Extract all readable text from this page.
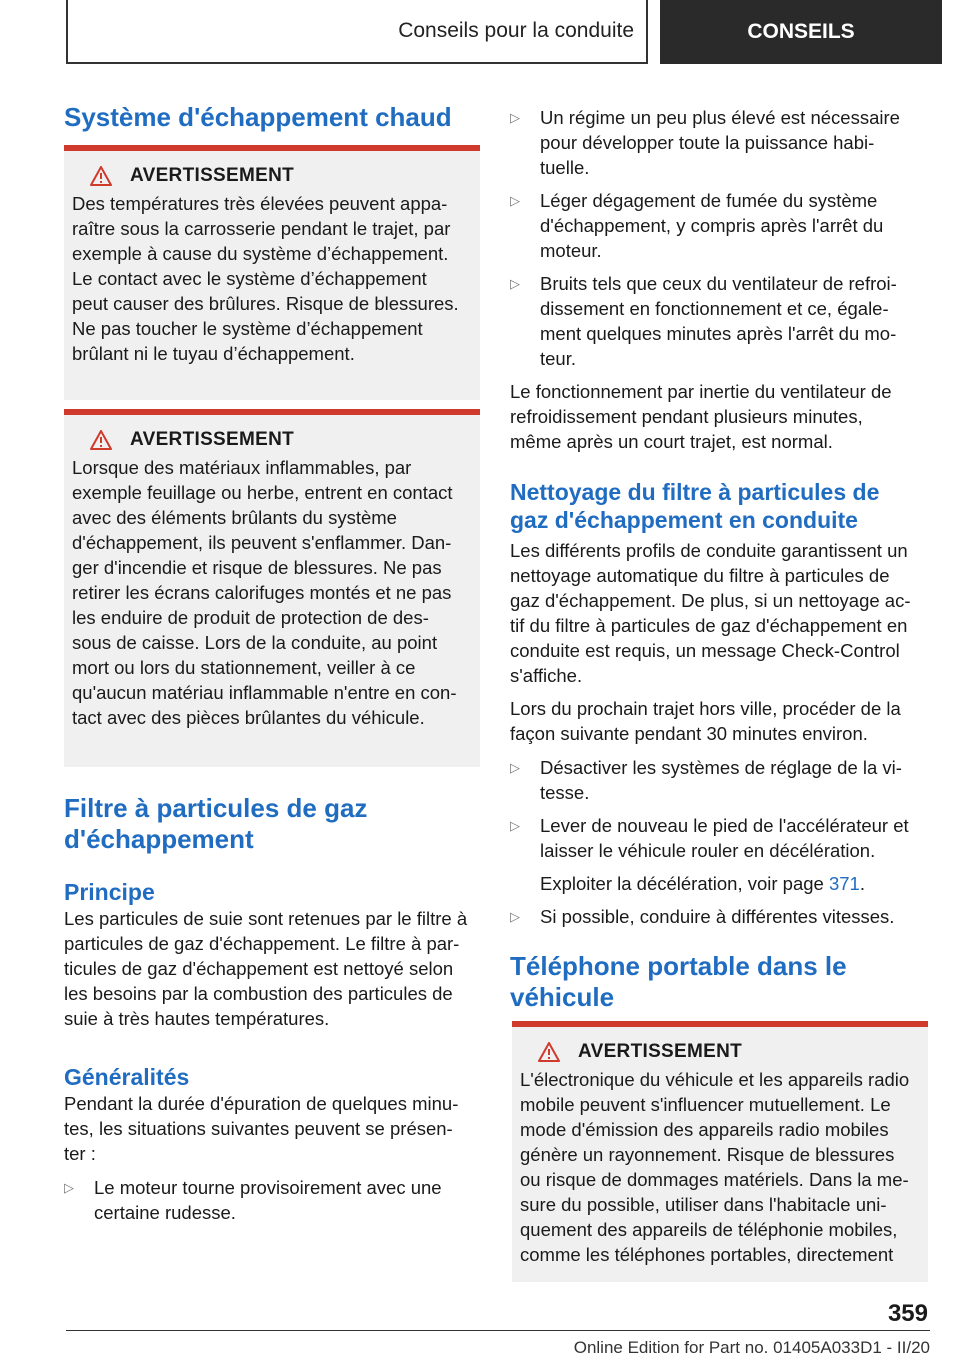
Conseils pour la conduite	CONSEILS
Système d'échappement chaud
AVERTISSEMENT

Des températures très élevées peuvent appa‐

raître sous la carrosserie pendant le trajet, par

exemple à cause du système d’échappement.

Le contact avec le système d’échappement

peut causer des brûlures. Risque de blessures.

Ne pas toucher le système d’échappement

brûlant ni le tuyau d’échappement.

AVERTISSEMENT

Lorsque des matériaux inflammables, par

exemple feuillage ou herbe, entrent en contact

avec des éléments brûlants du système

d'échappement, ils peuvent s'enflammer. Dan‐

ger d'incendie et risque de blessures. Ne pas

retirer les écrans calorifuges montés et ne pas

les enduire de produit de protection de des‐

sous de caisse. Lors de la conduite, au point

mort ou lors du stationnement, veiller à ce

qu'aucun matériau inflammable n'entre en con‐

tact avec des pièces brûlantes du véhicule.

Filtre à particules de gaz
d'échappement
Principe

Les particules de suie sont retenues par le filtre à

particules de gaz d'échappement. Le filtre à par‐

ticules de gaz d'échappement est nettoyé selon

les besoins par la combustion des particules de

suie à très hautes températures.

Généralités

Pendant la durée d'épuration de quelques minu‐

tes, les situations suivantes peuvent se présen‐

ter :

▷	Le moteur tourne provisoirement avec une
certaine rudesse.
▷	Un régime un peu plus élevé est nécessaire
pour développer toute la puissance habi‐
tuelle.
▷	Léger dégagement de fumée du système
d'échappement, y compris après l'arrêt du
moteur.
▷	Bruits tels que ceux du ventilateur de refroi‐
dissement en fonctionnement et ce, égale‐
ment quelques minutes après l'arrêt du mo‐
teur.

Le fonctionnement par inertie du ventilateur de

refroidissement pendant plusieurs minutes,

même après un court trajet, est normal.

Nettoyage du filtre à particules de
gaz d'échappement en conduite

Les différents profils de conduite garantissent un

nettoyage automatique du filtre à particules de

gaz d'échappement. De plus, si un nettoyage ac‐

tif du filtre à particules de gaz d'échappement en

conduite est requis, un message Check-Control

s'affiche.

Lors du prochain trajet hors ville, procéder de la

façon suivante pendant 30 minutes environ.

▷	Désactiver les systèmes de réglage de la vi‐
tesse.
▷	Lever de nouveau le pied de l'accélérateur et
laisser le véhicule rouler en décélération.
Exploiter la décélération, voir page 371.
▷	Si possible, conduire à différentes vitesses.
Téléphone portable dans le
véhicule
AVERTISSEMENT

L'électronique du véhicule et les appareils radio

mobile peuvent s'influencer mutuellement. Le

mode d'émission des appareils radio mobiles

génère un rayonnement. Risque de blessures

ou risque de dommages matériels. Dans la me‐

sure du possible, utiliser dans l'habitacle uni‐

quement des appareils de téléphonie mobiles,

comme les téléphones portables, directement

359
Online Edition for Part no. 01405A033D1 - II/20
